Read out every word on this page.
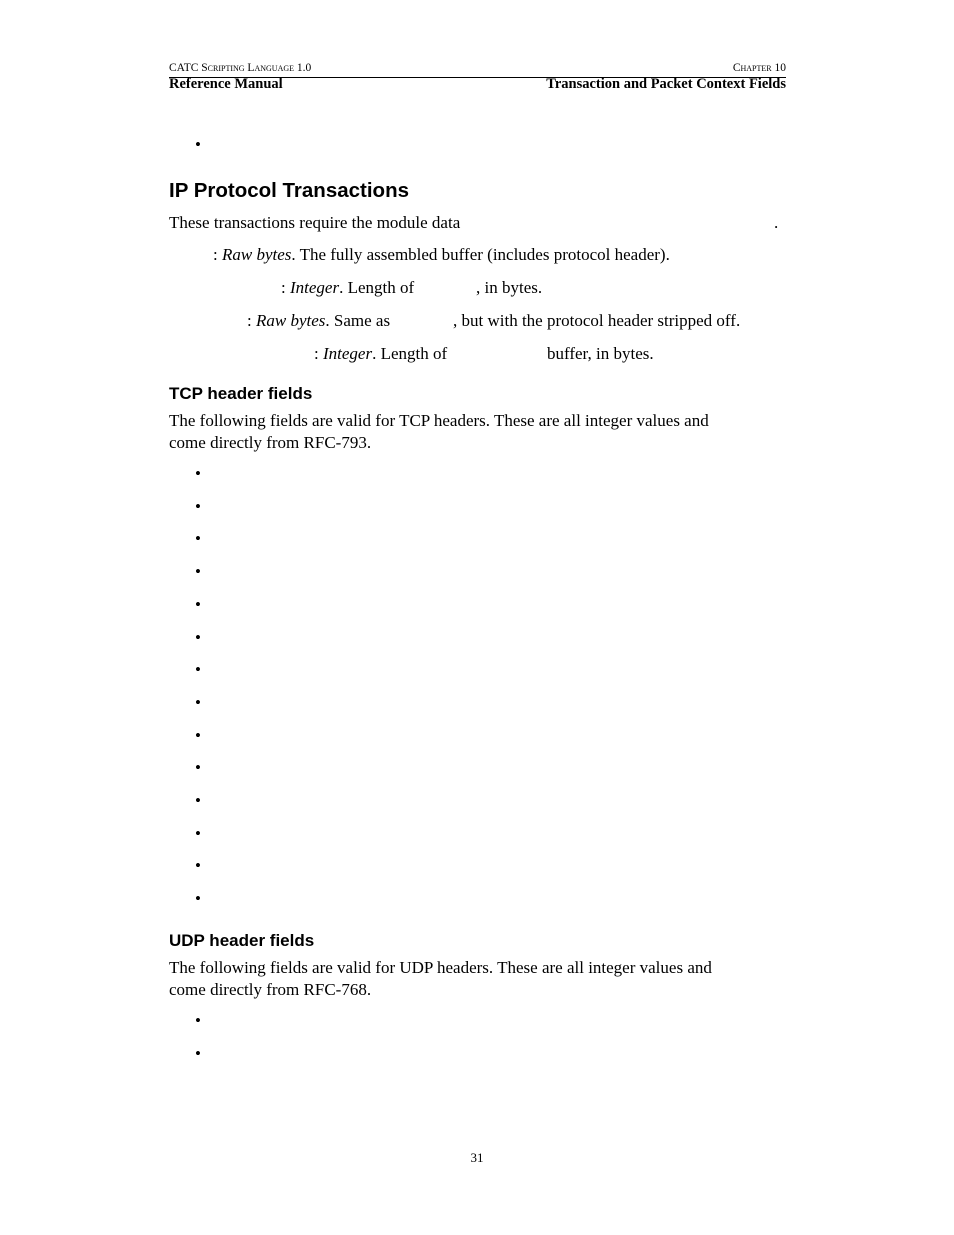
CATC Scripting Language 1.0	Chapter 10
Reference Manual	Transaction and Packet Context Fields
•
IP Protocol Transactions
These transactions require the module data	.
: Raw bytes. The fully assembled buffer (includes protocol header).
: Integer. Length of	, in bytes.
: Raw bytes. Same as	, but with the protocol header stripped off.
: Integer. Length of	buffer, in bytes.
TCP header fields
The following fields are valid for TCP headers. These are all integer values and
come directly from RFC-793.
•
•
•
•
•
•
•
•
•
•
•
•
•
•
UDP header fields
The following fields are valid for UDP headers. These are all integer values and
come directly from RFC-768.
•
•
31
